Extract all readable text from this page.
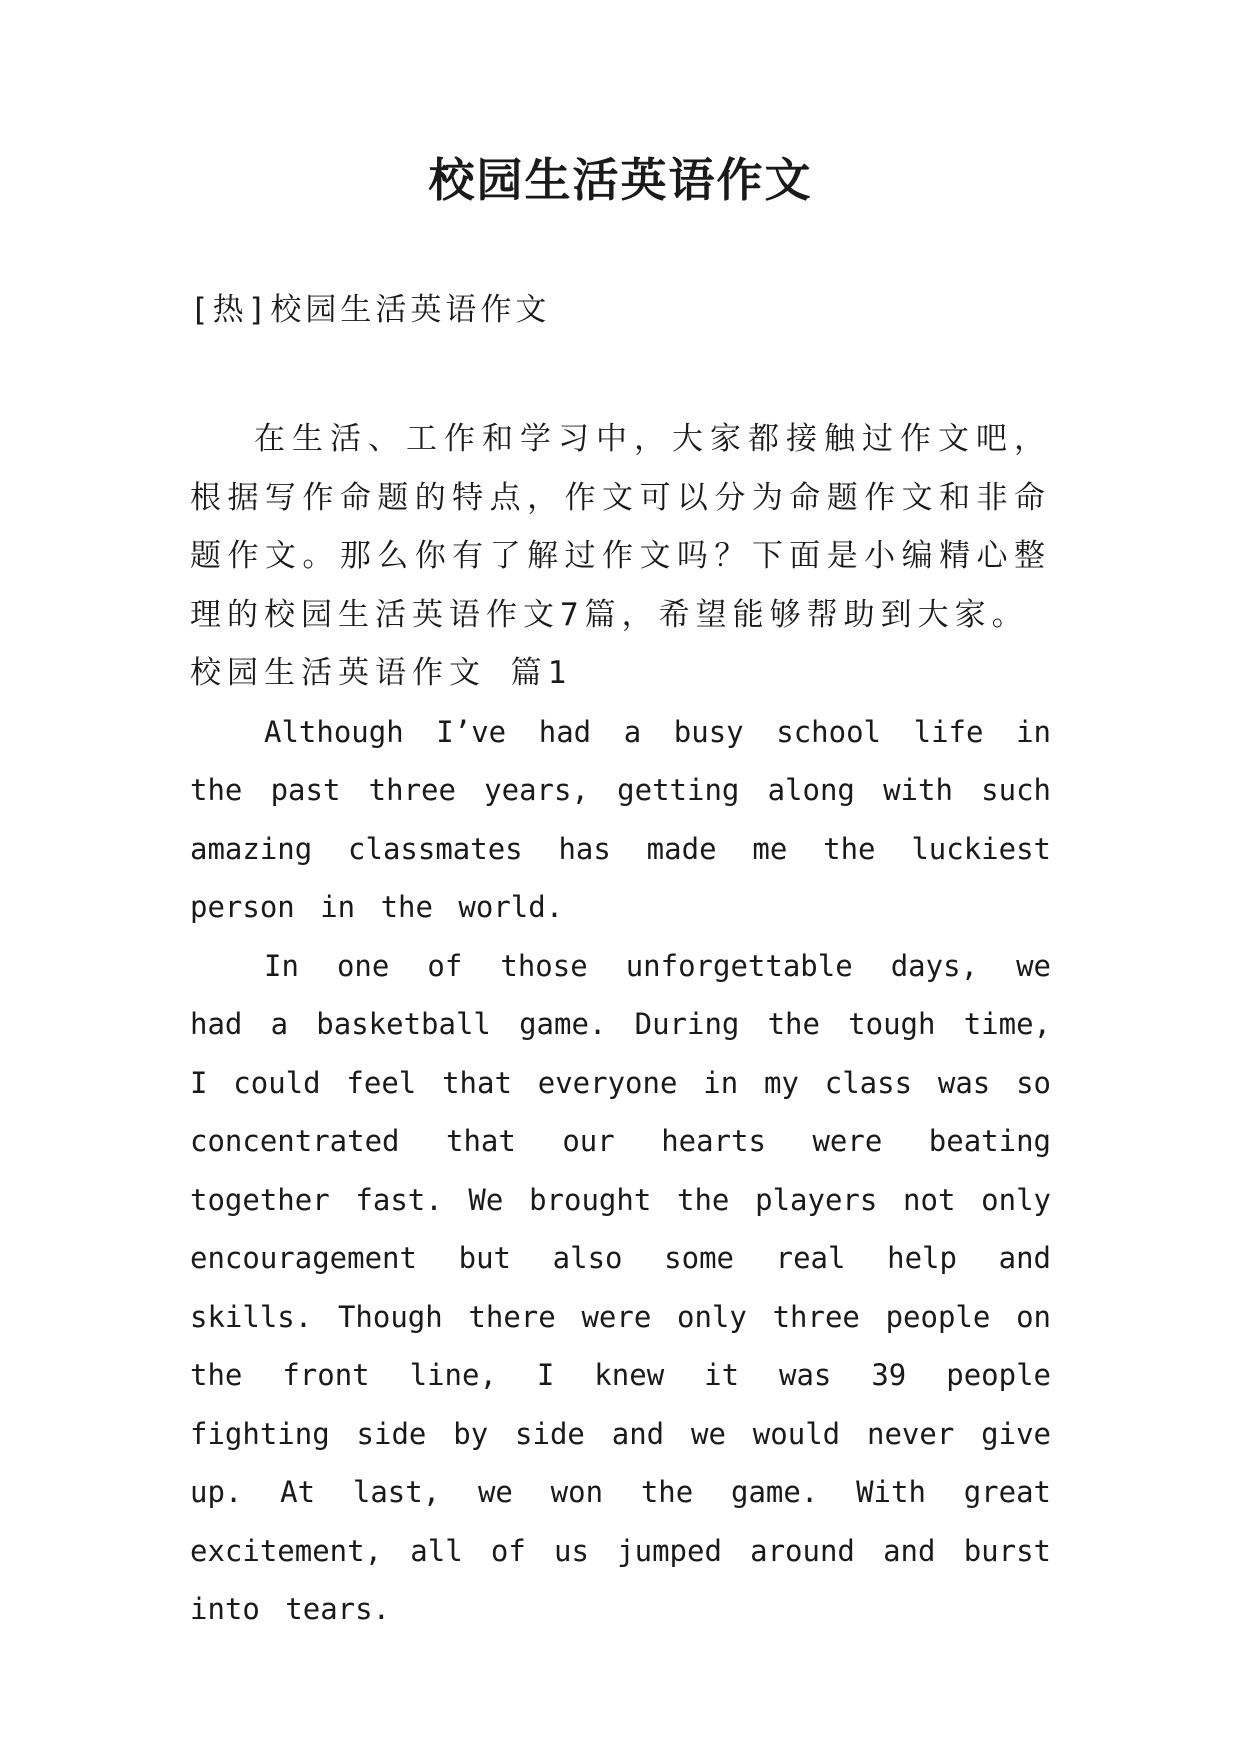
校园生活英语作文

[热]校园生活英语作文

在生活、工作和学习中，大家都接触过作文吧，根据写作命题的特点，作文可以分为命题作文和非命题作文。那么你有了解过作文吗？下面是小编精心整理的校园生活英语作文7篇，希望能够帮助到大家。

校园生活英语作文 篇1

Although I’ve had a busy school life in the past three years, getting along with such amazing classmates has made me the luckiest person in the world.

In one of those unforgettable days, we had a basketball game. During the tough time, I could feel that everyone in my class was so concentrated that our hearts were beating together fast. We brought the players not only encouragement but also some real help and skills. Though there were only three people on the front line, I knew it was 39 people fighting side by side and we would never give up. At last, we won the game. With great excitement, all of us jumped around and burst into tears.
